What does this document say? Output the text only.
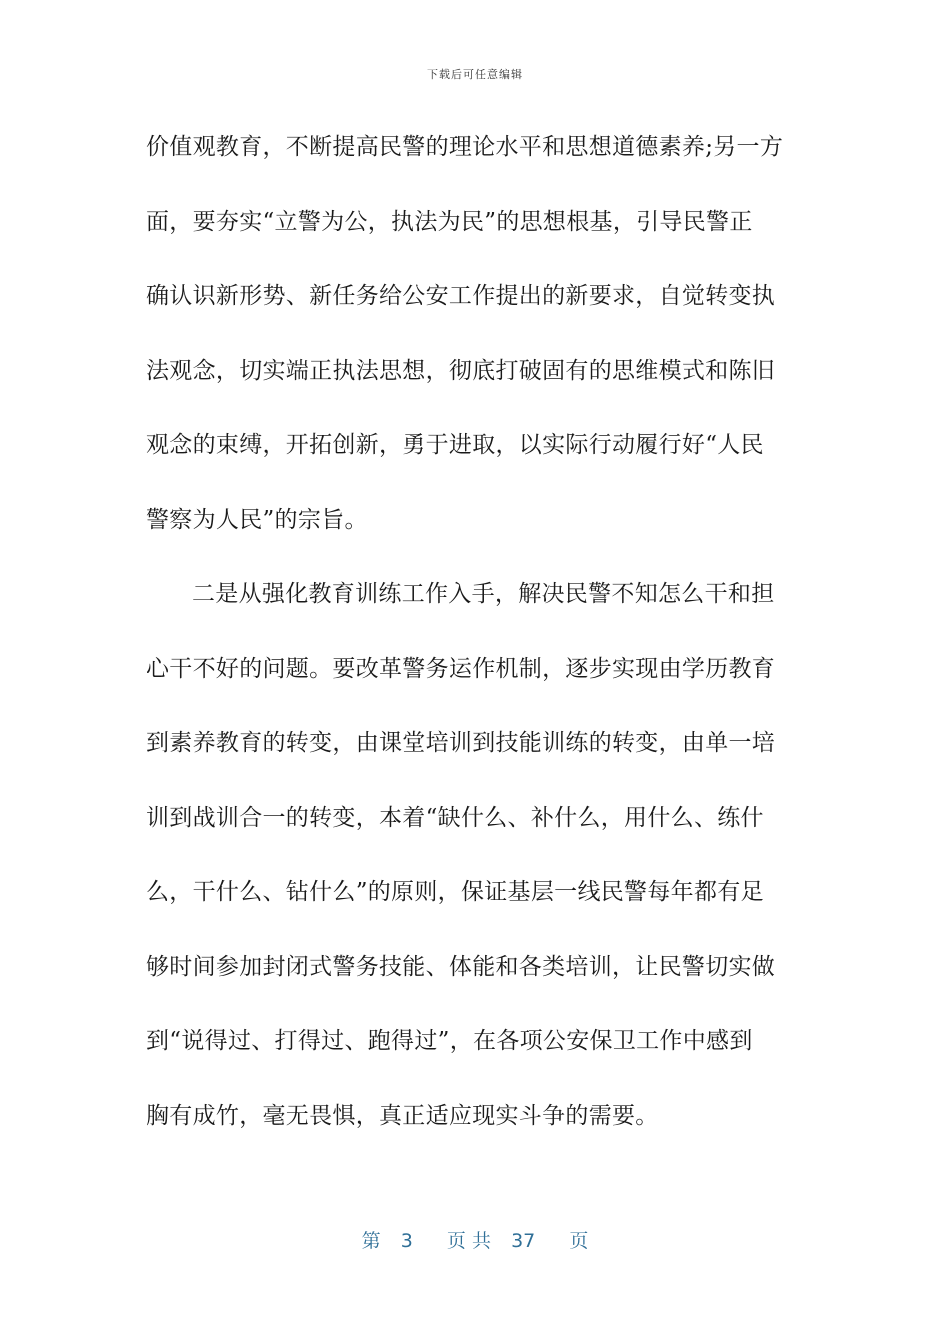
下载后可任意编辑
价值观教育，不断提高民警的理论水平和思想道德素养;另一方
面，要夯实“立警为公，执法为民”的思想根基，引导民警正
确认识新形势、新任务给公安工作提出的新要求，自觉转变执
法观念，切实端正执法思想，彻底打破固有的思维模式和陈旧
观念的束缚，开拓创新，勇于进取，以实际行动履行好“人民
警察为人民”的宗旨。
二是从强化教育训练工作入手，解决民警不知怎么干和担
心干不好的问题。要改革警务运作机制，逐步实现由学历教育
到素养教育的转变，由课堂培训到技能训练的转变，由单一培
训到战训合一的转变，本着“缺什么、补什么，用什么、练什
么，干什么、钻什么”的原则，保证基层一线民警每年都有足
够时间参加封闭式警务技能、体能和各类培训，让民警切实做
到“说得过、打得过、跑得过”，在各项公安保卫工作中感到
胸有成竹，毫无畏惧，真正适应现实斗争的需要。
第 3 页 共 37 页
